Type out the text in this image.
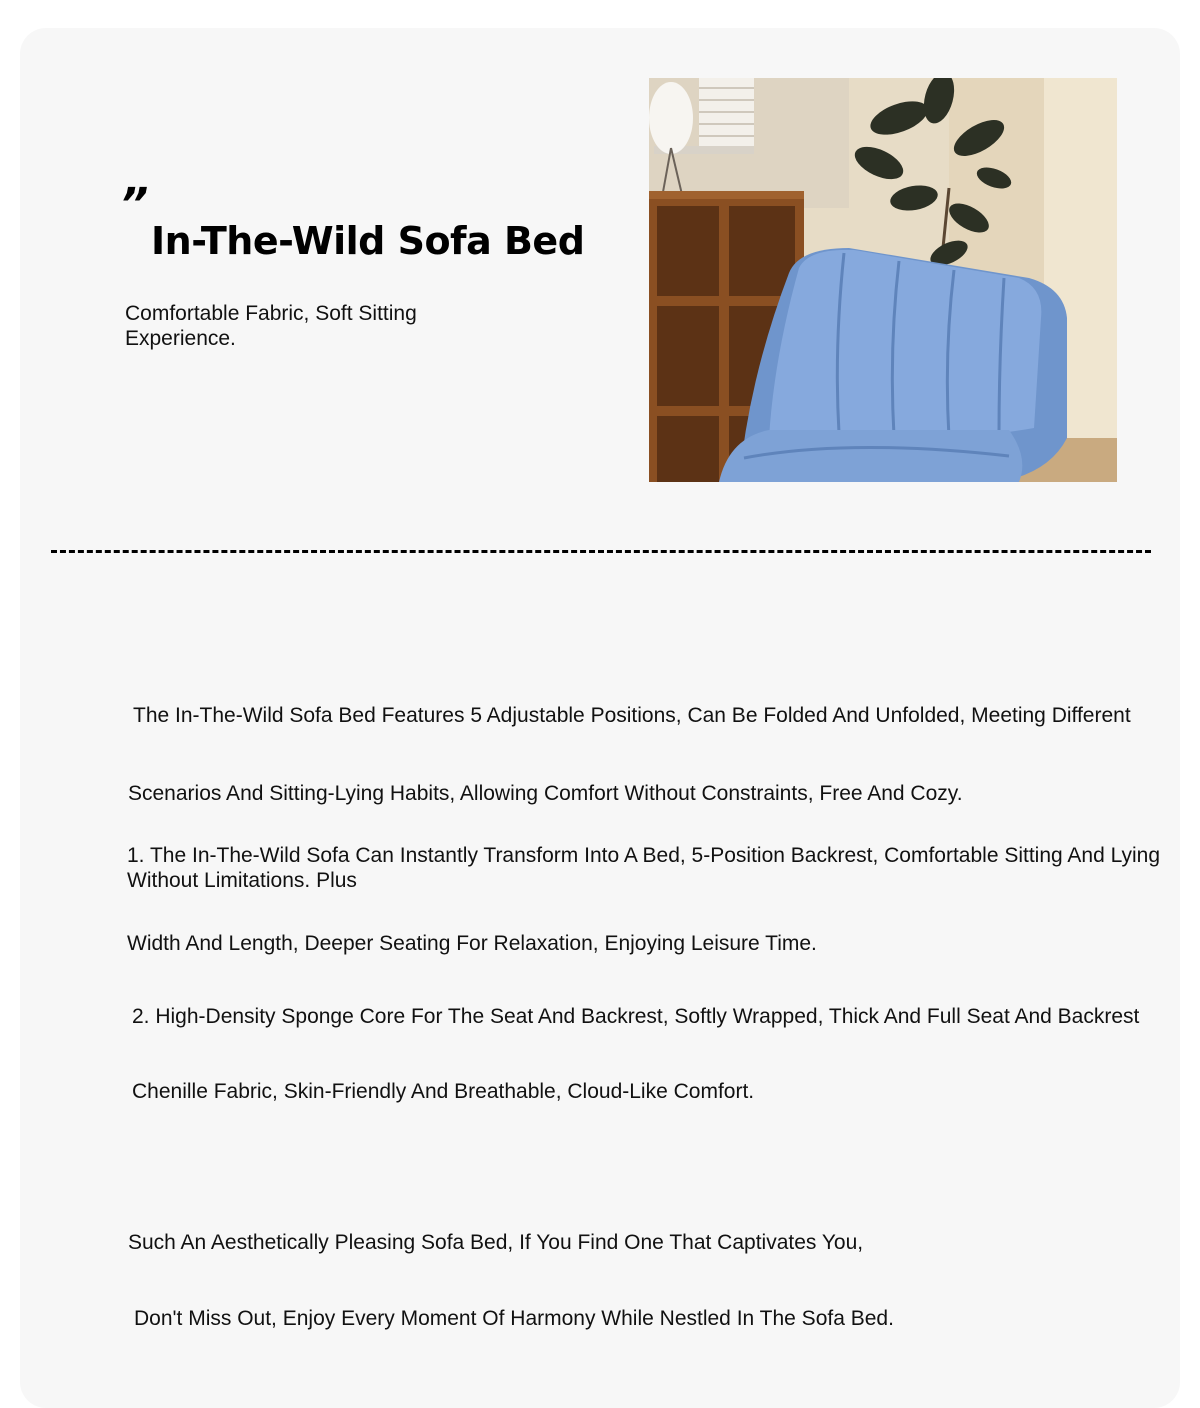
”
In-The-Wild Sofa Bed
Comfortable Fabric, Soft Sitting Experience.
The In-The-Wild Sofa Bed Features 5 Adjustable Positions, Can Be Folded And Unfolded, Meeting Different
Scenarios And Sitting-Lying Habits, Allowing Comfort Without Constraints, Free And Cozy.
1. The In-The-Wild Sofa Can Instantly Transform Into A Bed, 5-Position Backrest, Comfortable Sitting And Lying Without Limitations. Plus
Width And Length, Deeper Seating For Relaxation, Enjoying Leisure Time.
2. High-Density Sponge Core For The Seat And Backrest, Softly Wrapped, Thick And Full Seat And Backrest
Chenille Fabric, Skin-Friendly And Breathable, Cloud-Like Comfort.
Such An Aesthetically Pleasing Sofa Bed, If You Find One That Captivates You,
Don't Miss Out, Enjoy Every Moment Of Harmony While Nestled In The Sofa Bed.
